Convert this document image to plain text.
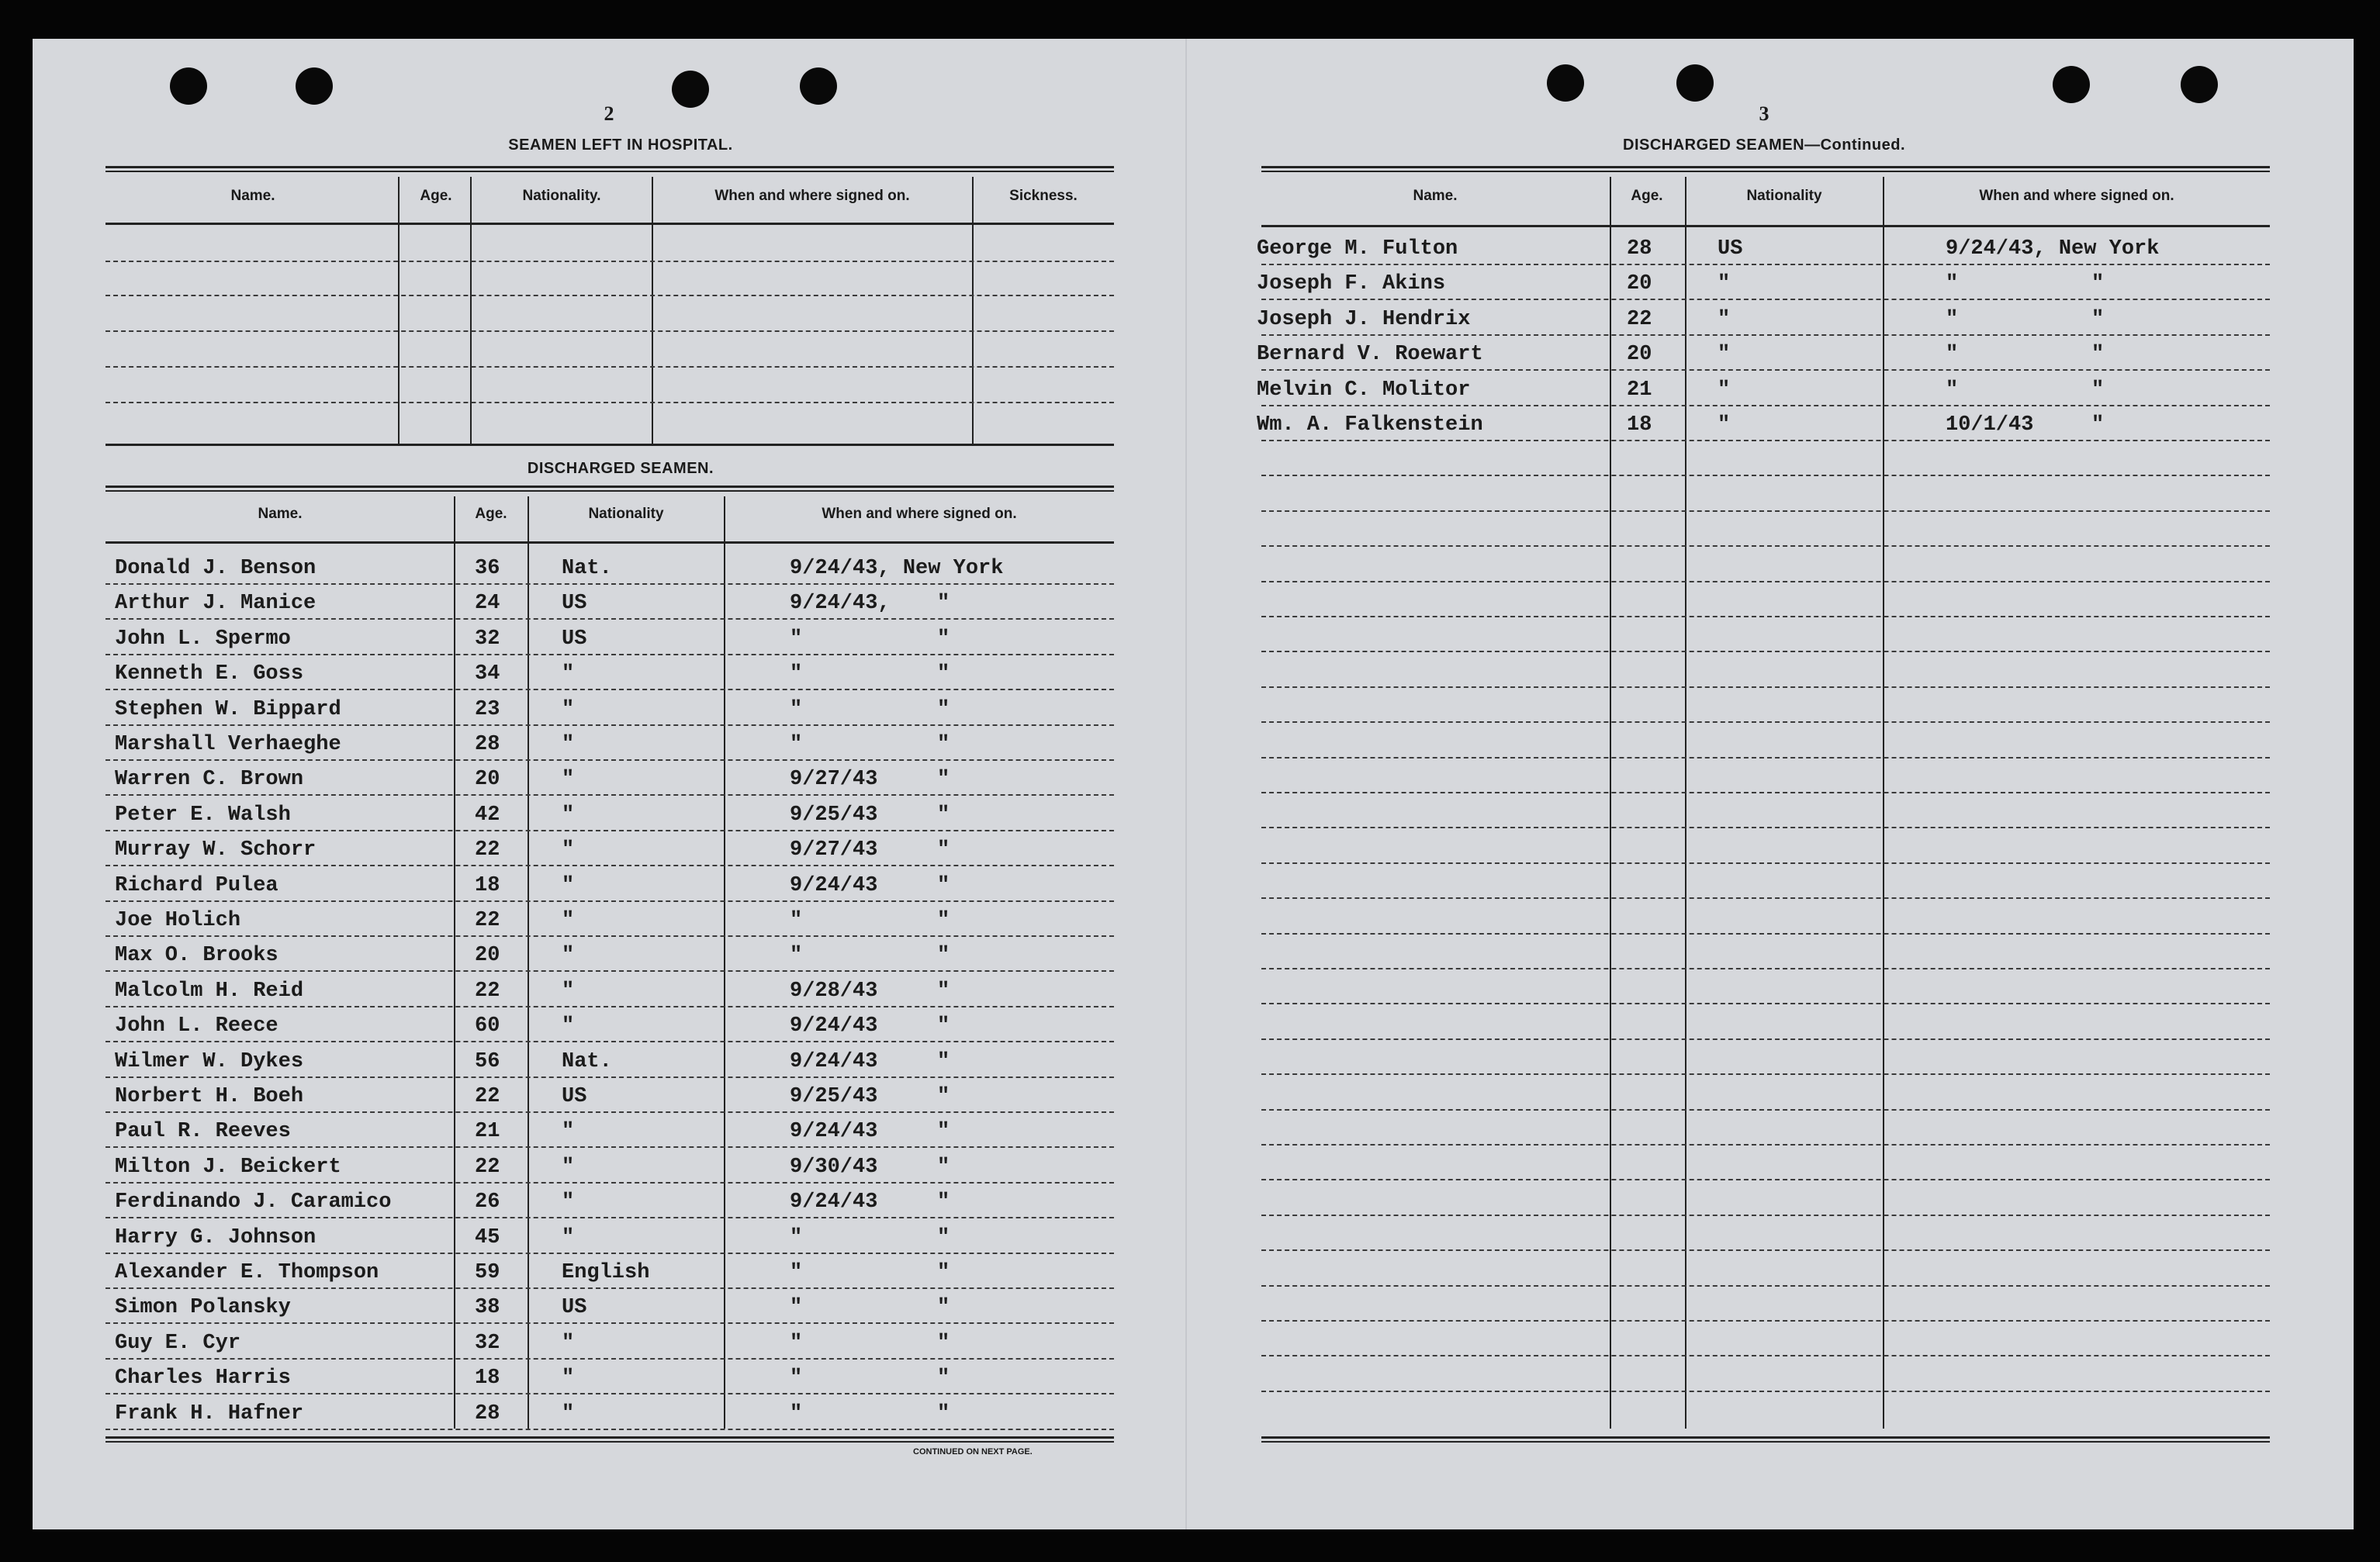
2
SEAMEN LEFT IN HOSPITAL.
Name.	Age.	Nationality.	When and where signed on.	Sickness.
DISCHARGED SEAMEN.
Name.	Age.	Nationality	When and where signed on.
Donald J. Benson	36	Nat.	9/24/43, New York
Arthur J. Manice	24	US	9/24/43, "
John L. Spermo	32	US	"	"
Kenneth E. Goss	34	"	"	"
Stephen W. Bippard	23	"	"	"
Marshall Verhaeghe	28	"	"	"
Warren C. Brown	20	"	9/27/43	"
Peter E. Walsh	42	"	9/25/43	"
Murray W. Schorr	22	"	9/27/43	"
Richard Pulea	18	"	9/24/43	"
Joe Holich	22	"	"	"
Max O. Brooks	20	"	"	"
Malcolm H. Reid	22	"	9/28/43	"
John L. Reece	60	"	9/24/43	"
Wilmer W. Dykes	56	Nat.	9/24/43	"
Norbert H. Boeh	22	US	9/25/43	"
Paul R. Reeves	21	"	9/24/43	"
Milton J. Beickert	22	"	9/30/43	"
Ferdinando J. Caramico	26	"	9/24/43	"
Harry G. Johnson	45	"	"	"
Alexander E. Thompson	59	English	"	"
Simon Polansky	38	US	"	"
Guy E. Cyr	32	"	"	"
Charles Harris	18	"	"	"
Frank H. Hafner	28	"	"	"
CONTINUED ON NEXT PAGE.
3
DISCHARGED SEAMEN—Continued.
Name.	Age.	Nationality	When and where signed on.
George M. Fulton	28	US	9/24/43, New York
Joseph F. Akins	20	"	"	"
Joseph J. Hendrix	22	"	"	"
Bernard V. Roewart	20	"	"	"
Melvin C. Molitor	21	"	"	"
Wm. A. Falkenstein	18	"	10/1/43	"
